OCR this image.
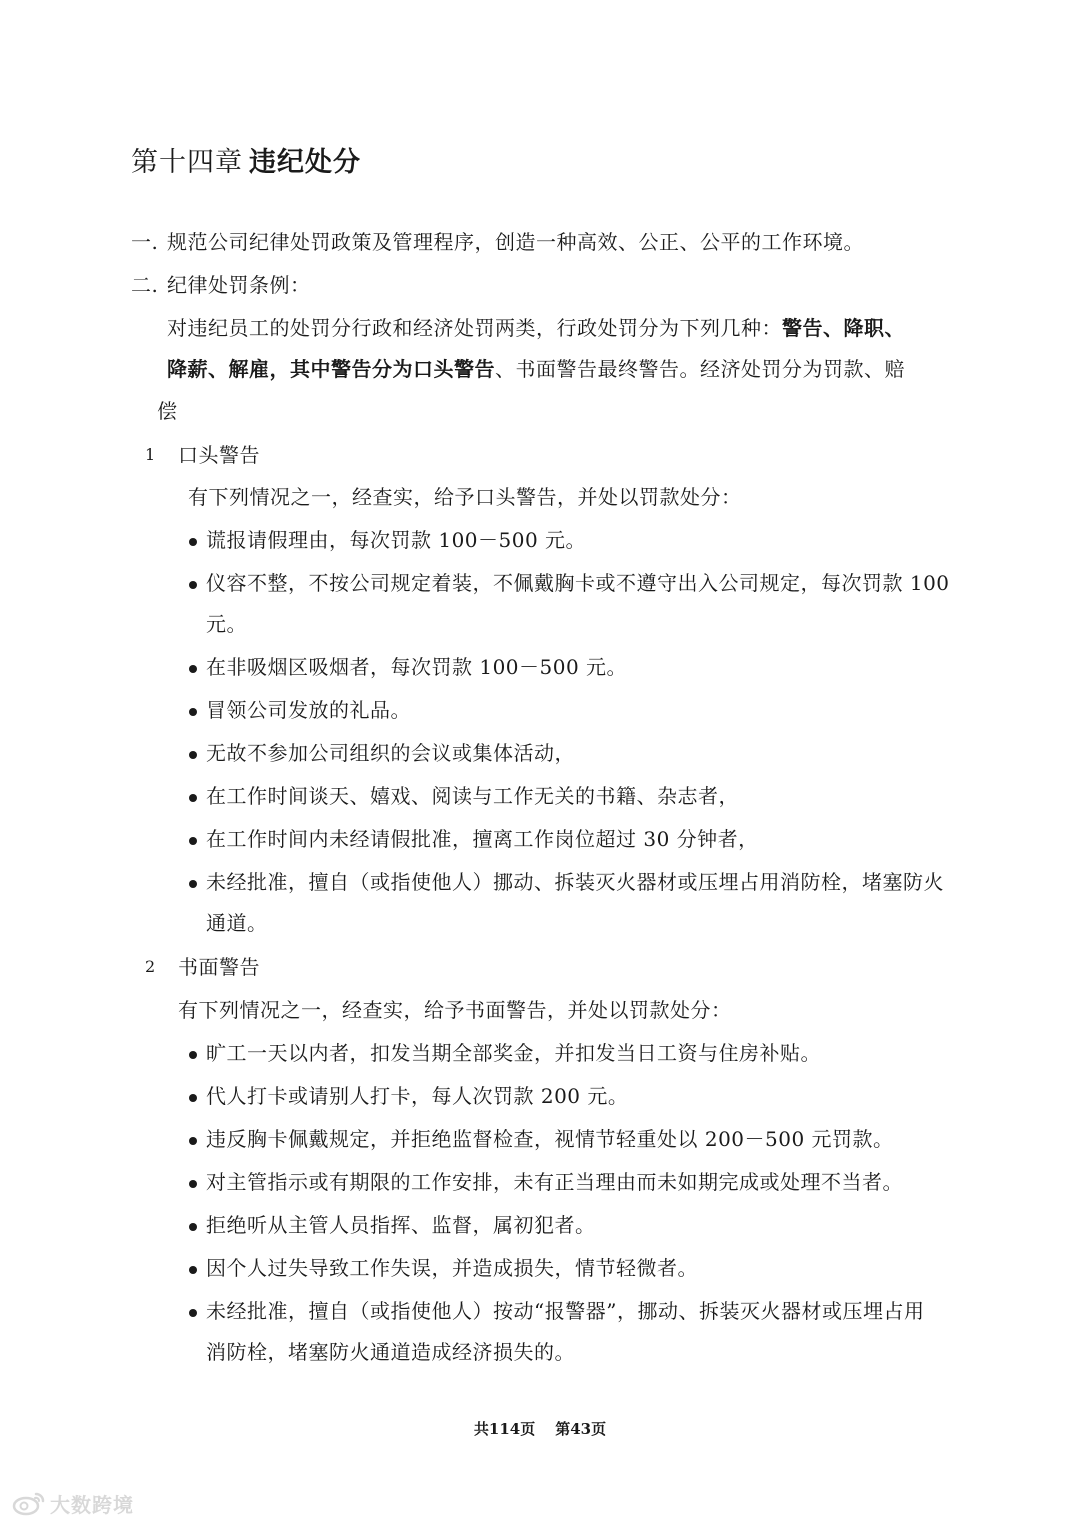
第十四章 违纪处分
一. 规范公司纪律处罚政策及管理程序，创造一种高效、公正、公平的工作环境。
二. 纪律处罚条例：
对违纪员工的处罚分行政和经济处罚两类，行政处罚分为下列几种：警告、降职、
降薪、解雇，其中警告分为口头警告、书面警告最终警告。经济处罚分为罚款、赔
偿
1 口头警告
有下列情况之一，经查实，给予口头警告，并处以罚款处分：
谎报请假理由，每次罚款 100－500 元。
仪容不整，不按公司规定着装，不佩戴胸卡或不遵守出入公司规定，每次罚款 100
元。
在非吸烟区吸烟者，每次罚款 100－500 元。
冒领公司发放的礼品。
无故不参加公司组织的会议或集体活动，
在工作时间谈天、嬉戏、阅读与工作无关的书籍、杂志者，
在工作时间内未经请假批准，擅离工作岗位超过 30 分钟者，
未经批准，擅自（或指使他人）挪动、拆装灭火器材或压埋占用消防栓，堵塞防火
通道。
2 书面警告
有下列情况之一，经查实，给予书面警告，并处以罚款处分：
旷工一天以内者，扣发当期全部奖金，并扣发当日工资与住房补贴。
代人打卡或请别人打卡，每人次罚款 200 元。
违反胸卡佩戴规定，并拒绝监督检查，视情节轻重处以 200－500 元罚款。
对主管指示或有期限的工作安排，未有正当理由而未如期完成或处理不当者。
拒绝听从主管人员指挥、监督，属初犯者。
因个人过失导致工作失误，并造成损失，情节轻微者。
未经批准，擅自（或指使他人）按动“报警器”，挪动、拆装灭火器材或压埋占用
消防栓，堵塞防火通道造成经济损失的。
共114页 第43页
大数跨境
